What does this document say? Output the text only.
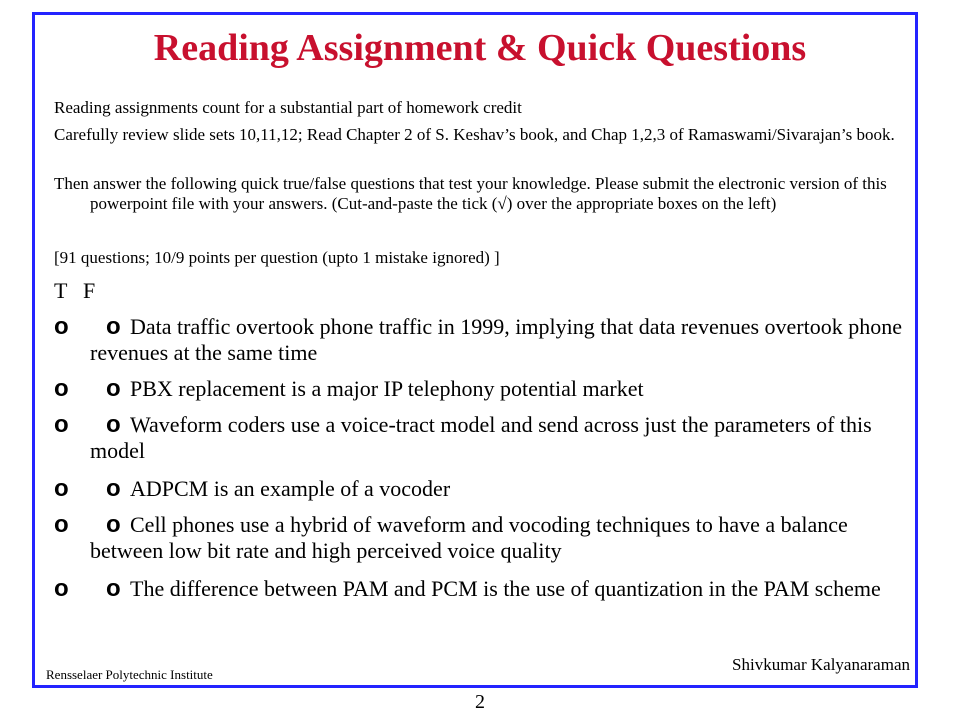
Reading Assignment & Quick Questions

Reading assignments count for a substantial part of homework credit

Carefully review slide sets 10,11,12; Read Chapter 2 of S. Keshav’s book, and Chap 1,2,3 of Ramaswami/Sivarajan’s book.

Then answer the following quick true/false questions that test your knowledge. Please submit the electronic version of this powerpoint file with your answers. (Cut-and-paste the tick (√) over the appropriate boxes on the left)

[91 questions; 10/9 points per question (upto 1 mistake ignored) ]

T F

o o Data traffic overtook phone traffic in 1999, implying that data revenues overtook phone revenues at the same time

o o PBX replacement is a major IP telephony potential market

o o Waveform coders use a voice-tract model and send across just the parameters of this model

o o ADPCM is an example of a vocoder

o o Cell phones use a hybrid of waveform and vocoding techniques to have a balance between low bit rate and high perceived voice quality

o o The difference between PAM and PCM is the use of quantization in the PAM scheme

Rensselaer Polytechnic Institute
Shivkumar Kalyanaraman
2
